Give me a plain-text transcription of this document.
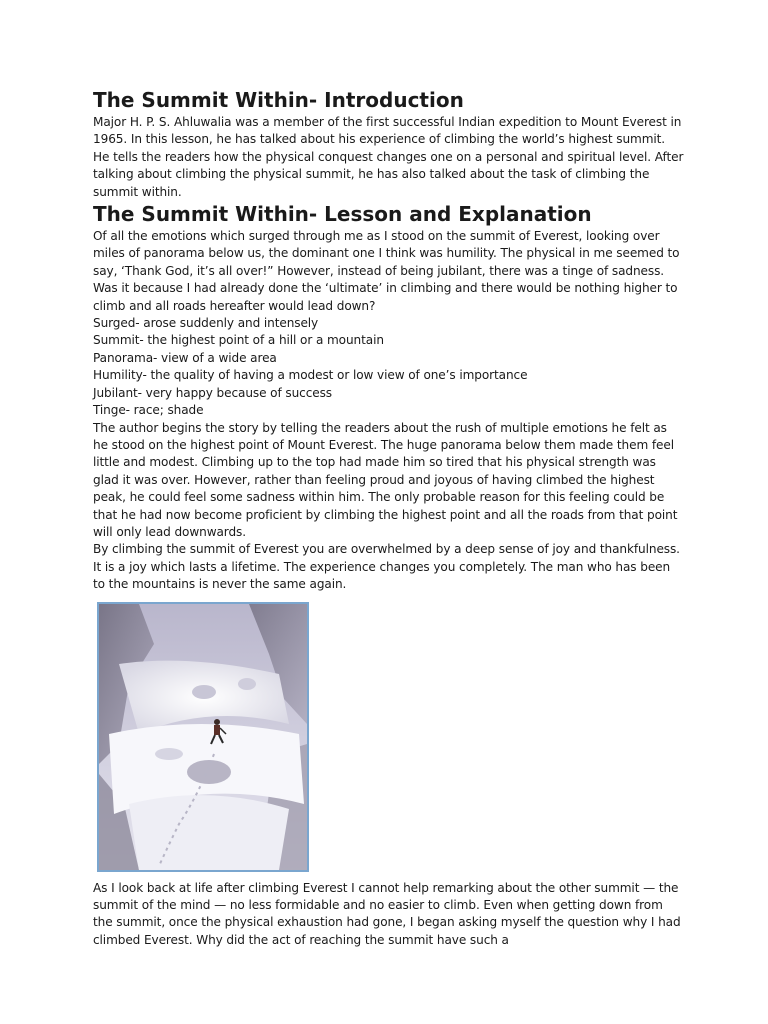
The Summit Within- Introduction

Major H. P. S. Ahluwalia was a member of the first successful Indian expedition to Mount Everest in 1965. In this lesson, he has talked about his experience of climbing the world’s highest summit. He tells the readers how the physical conquest changes one on a personal and spiritual level. After talking about climbing the physical summit, he has also talked about the task of climbing the summit within.

The Summit Within- Lesson and Explanation

Of all the emotions which surged through me as I stood on the summit of Everest, looking over miles of panorama below us, the dominant one I think was humility. The physical in me seemed to say, ‘Thank God, it’s all over!” However, instead of being jubilant, there was a tinge of sadness. Was it because I had already done the ‘ultimate’ in climbing and there would be nothing higher to climb and all roads hereafter would lead down?

Surged- arose suddenly and intensely
Summit- the highest point of a hill or a mountain
Panorama- view of a wide area
Humility- the quality of having a modest or low view of one’s importance
Jubilant- very happy because of success
Tinge- race; shade

The author begins the story by telling the readers about the rush of multiple emotions he felt as he stood on the highest point of Mount Everest. The huge panorama below them made them feel little and modest. Climbing up to the top had made him so tired that his physical strength was glad it was over. However, rather than feeling proud and joyous of having climbed the highest peak, he could feel some sadness within him. The only probable reason for this feeling could be that he had now become proficient by climbing the highest point and all the roads from that point will only lead downwards.

By climbing the summit of Everest you are overwhelmed by a deep sense of joy and thankfulness. It is a joy which lasts a lifetime. The experience changes you completely. The man who has been to the mountains is never the same again.

As I look back at life after climbing Everest I cannot help remarking about the other summit — the summit of the mind — no less formidable and no easier to climb. Even when getting down from the summit, once the physical exhaustion had gone, I began asking myself the question why I had climbed Everest. Why did the act of reaching the summit have such a
